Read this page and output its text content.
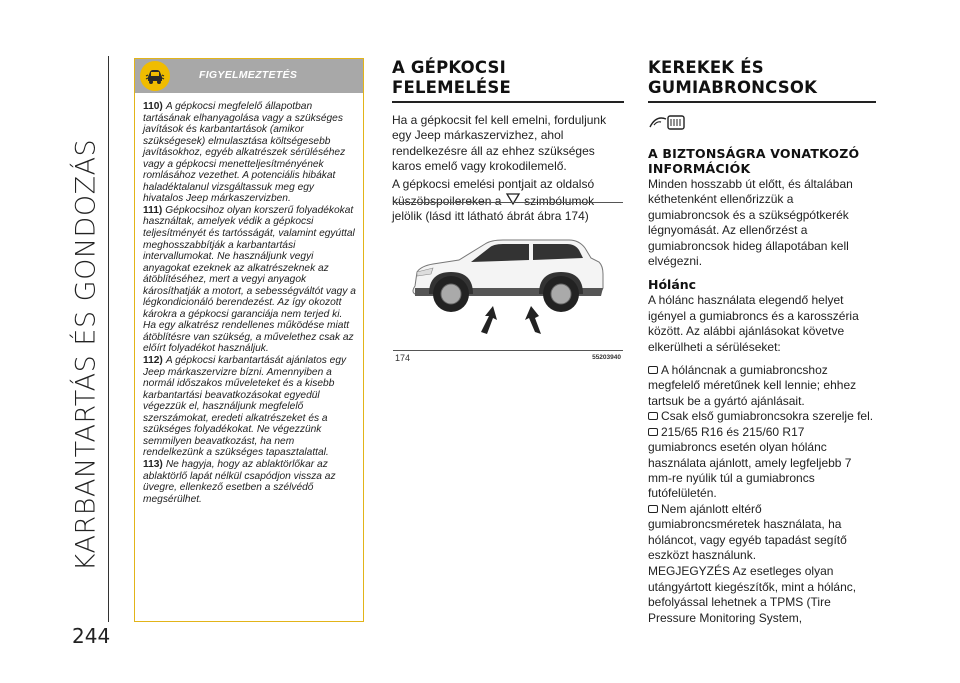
KARBANTARTÁS ÉS GONDOZÁS
244
FIGYELMEZTETÉS

110) A gépkocsi megfelelő állapotban tartásának elhanyagolása vagy a szükséges javítások és karbantartások (amikor szükségesek) elmulasztása költségesebb javításokhoz, egyéb alkatrészek sérüléséhez vagy a gépkocsi menetteljesítményének romlásához vezethet. A potenciális hibákat haladéktalanul vizsgáltassuk meg egy hivatalos Jeep márkaszervizben.

111) Gépkocsihoz olyan korszerű folyadékokat használtak, amelyek védik a gépkocsi teljesítményét és tartósságát, valamint egyúttal meghosszabbítják a karbantartási intervallumokat. Ne használjunk vegyi anyagokat ezeknek az alkatrészeknek az átöblítéséhez, mert a vegyi anyagok károsíthatják a motort, a sebességváltót vagy a légkondicionáló berendezést. Az így okozott károkra a gépkocsi garanciája nem terjed ki. Ha egy alkatrész rendellenes működése miatt átöblítésre van szükség, a művelethez csak az előírt folyadékot használjuk.

112) A gépkocsi karbantartását ajánlatos egy Jeep márkaszervizre bízni. Amennyiben a normál időszakos műveleteket és a kisebb karbantartási beavatkozásokat egyedül végezzük el, használjunk megfelelő szerszámokat, eredeti alkatrészeket és a szükséges folyadékokat. Ne végezzünk semmilyen beavatkozást, ha nem rendelkezünk a szükséges tapasztalattal.

113) Ne hagyja, hogy az ablaktörlőkar az ablaktörlő lapát nélkül csapódjon vissza az üvegre, ellenkező esetben a szélvédő megsérülhet.

A GÉPKOCSI FELEMELÉSE

Ha a gépkocsit fel kell emelni, forduljunk egy Jeep márkaszervizhez, ahol rendelkezésre áll az ehhez szükséges karos emelő vagy krokodilemelő.

A gépkocsi emelési pontjait az oldalsó  jelölik (lásd itt látható ábrát ábra 174)

174	55203940
KEREKEK ÉS GUMIABRONCSOK
A BIZTONSÁGRA VONATKOZÓ INFORMÁCIÓK

Minden hosszabb út előtt, és általában kéthetenként ellenőrizzük a gumiabroncsok és a szükségpótkerék légnyomását. Az ellenőrzést a gumiabroncsok hideg állapotában kell elvégezni.

Hólánc

A hólánc használata elegendő helyet igényel a gumiabroncs és a karosszéria között. Az alábbi ajánlásokat követve elkerülheti a sérüléseket:

A hóláncnak a gumiabroncshoz megfelelő méretűnek kell lennie; ehhez tartsuk be a gyártó ajánlásait.

Csak első gumiabroncsokra szerelje fel.

215/65 R16 és 215/60 R17 gumiabroncs esetén olyan hólánc használata ajánlott, amely legfeljebb 7 mm-re nyúlik túl a gumiabroncs futófelületén.

Nem ajánlott eltérő gumiabroncsméretek használata, ha hóláncot, vagy egyéb tapadást segítő eszközt használunk.

MEGJEGYZÉS Az esetleges olyan utángyártott kiegészítők, mint a hólánc, befolyással lehetnek a TPMS (Tire Pressure Monitoring System,
